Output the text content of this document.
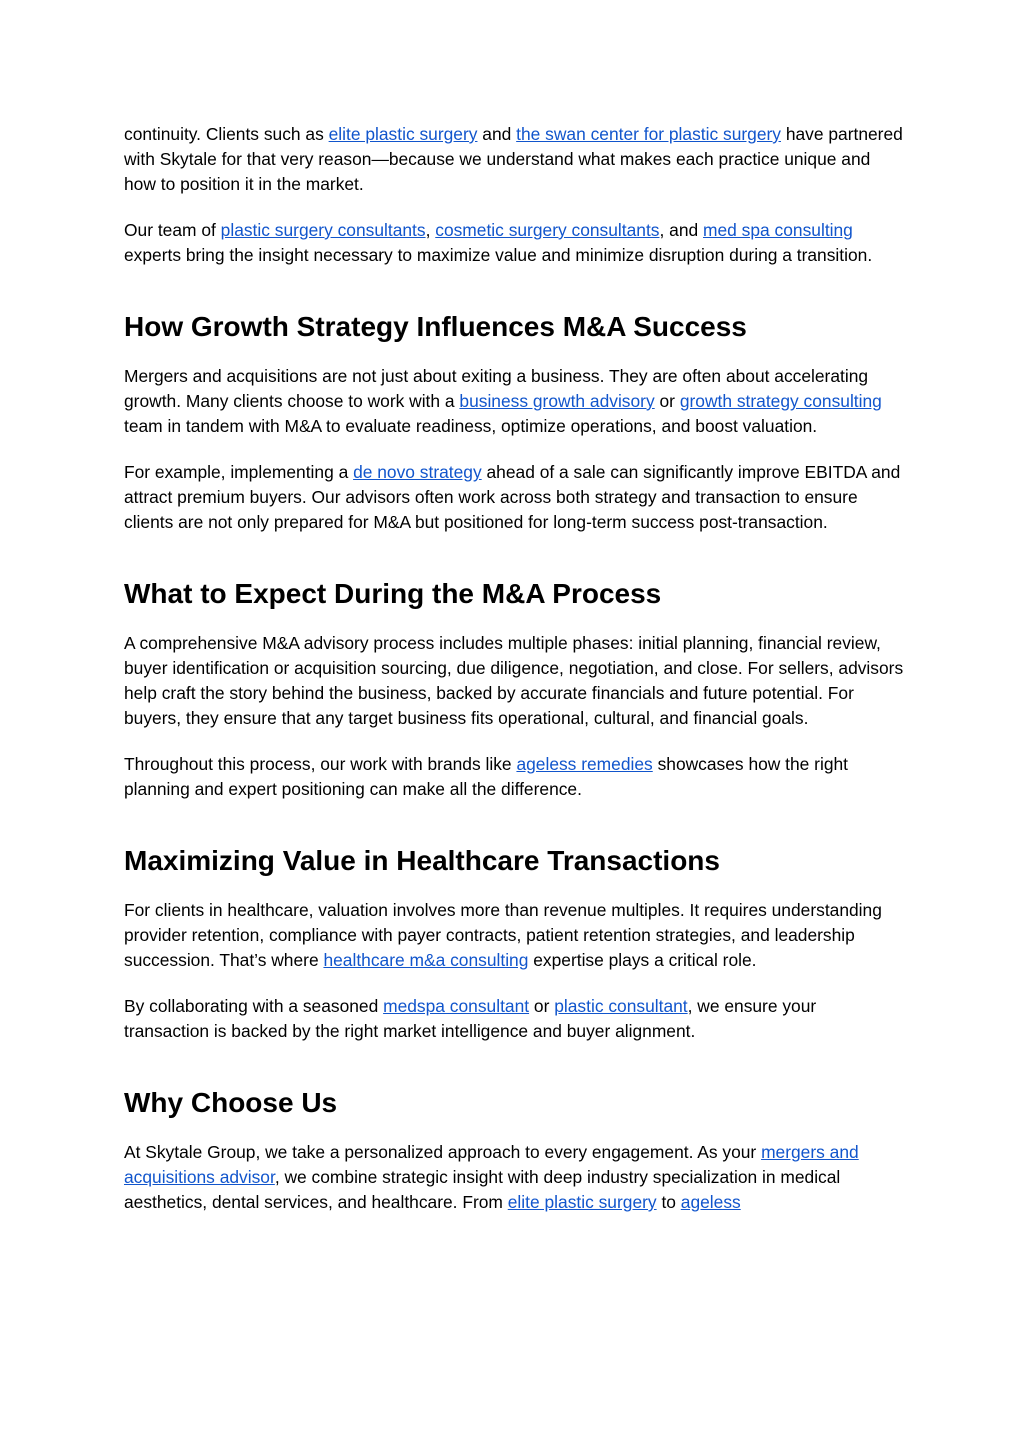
continuity. Clients such as elite plastic surgery and the swan center for plastic surgery have partnered with Skytale for that very reason—because we understand what makes each practice unique and how to position it in the market.

Our team of plastic surgery consultants, cosmetic surgery consultants, and med spa consulting experts bring the insight necessary to maximize value and minimize disruption during a transition.

How Growth Strategy Influences M&A Success

Mergers and acquisitions are not just about exiting a business. They are often about accelerating growth. Many clients choose to work with a business growth advisory or growth strategy consulting team in tandem with M&A to evaluate readiness, optimize operations, and boost valuation.

For example, implementing a de novo strategy ahead of a sale can significantly improve EBITDA and attract premium buyers. Our advisors often work across both strategy and transaction to ensure clients are not only prepared for M&A but positioned for long-term success post-transaction.

What to Expect During the M&A Process

A comprehensive M&A advisory process includes multiple phases: initial planning, financial review, buyer identification or acquisition sourcing, due diligence, negotiation, and close. For sellers, advisors help craft the story behind the business, backed by accurate financials and future potential. For buyers, they ensure that any target business fits operational, cultural, and financial goals.

Throughout this process, our work with brands like ageless remedies showcases how the right planning and expert positioning can make all the difference.

Maximizing Value in Healthcare Transactions

For clients in healthcare, valuation involves more than revenue multiples. It requires understanding provider retention, compliance with payer contracts, patient retention strategies, and leadership succession. That’s where healthcare m&a consulting expertise plays a critical role.

By collaborating with a seasoned medspa consultant or plastic consultant, we ensure your transaction is backed by the right market intelligence and buyer alignment.

Why Choose Us

At Skytale Group, we take a personalized approach to every engagement. As your mergers and acquisitions advisor, we combine strategic insight with deep industry specialization in medical aesthetics, dental services, and healthcare. From elite plastic surgery to ageless
